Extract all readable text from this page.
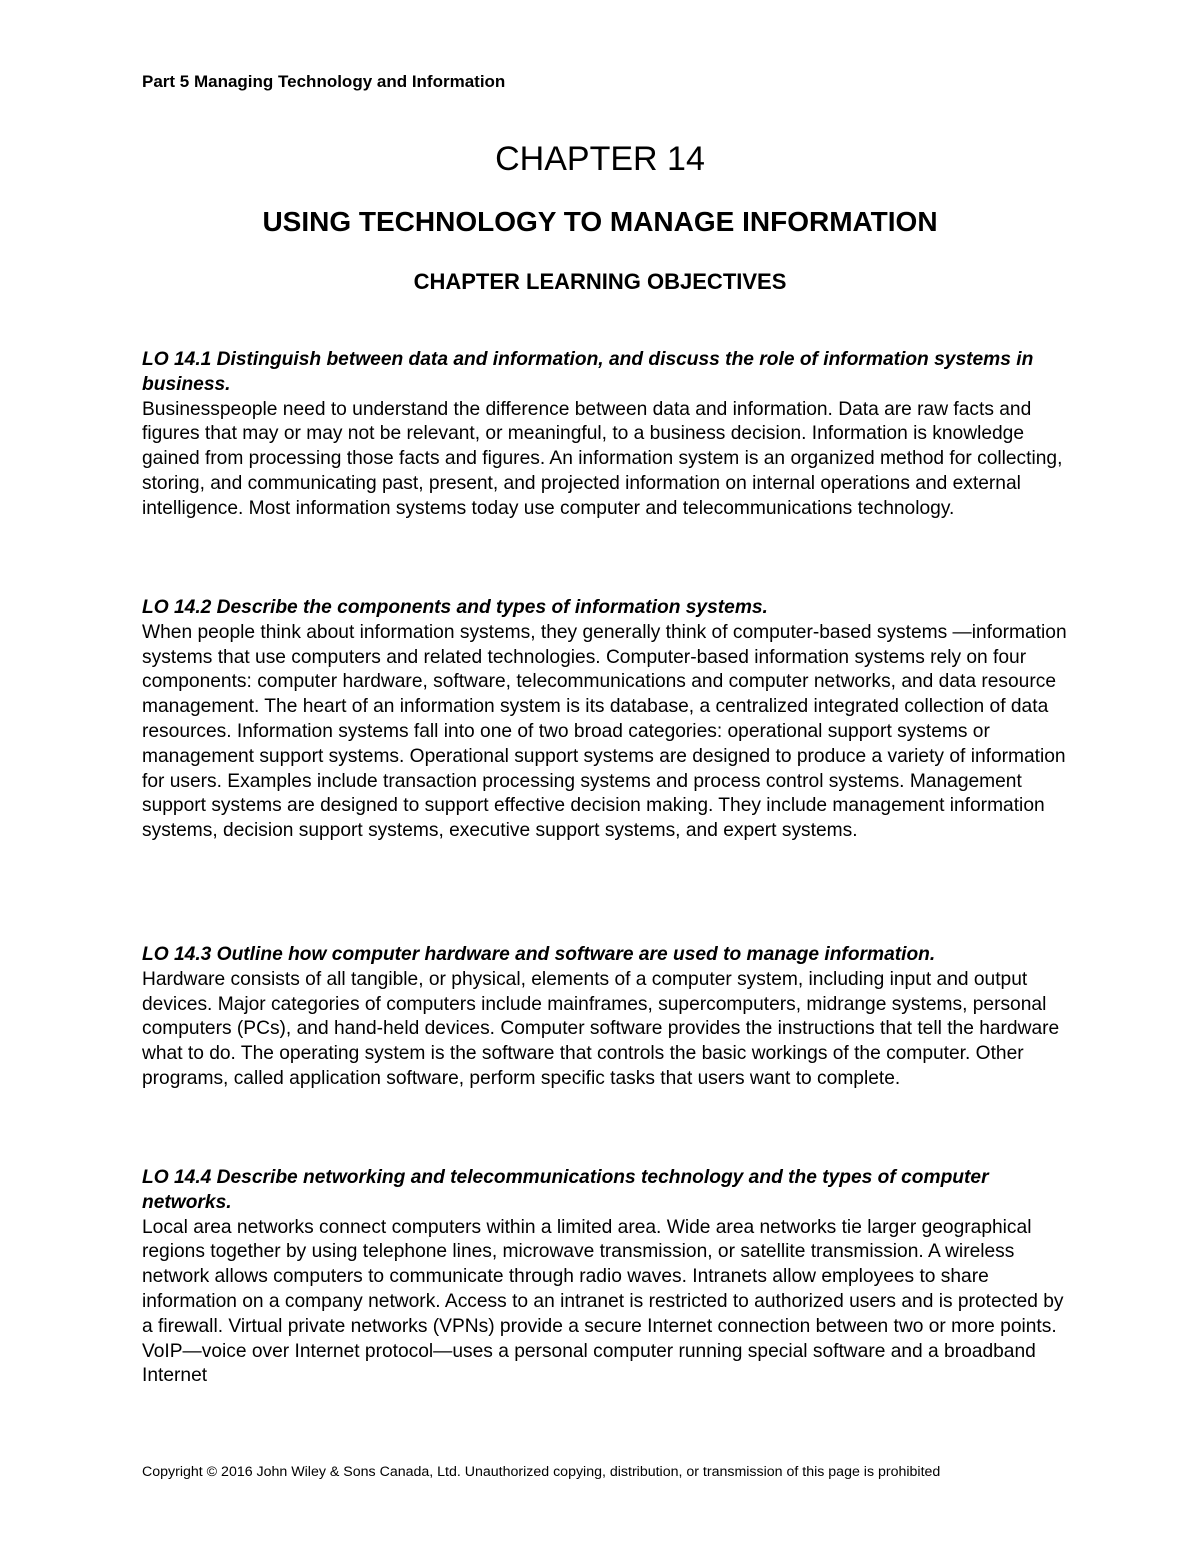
Part 5 Managing Technology and Information
CHAPTER 14
USING TECHNOLOGY TO MANAGE INFORMATION
CHAPTER LEARNING OBJECTIVES

LO 14.1 Distinguish between data and information, and discuss the role of information systems in business.

Businesspeople need to understand the difference between data and information. Data are raw facts and figures that may or may not be relevant, or meaningful, to a business decision. Information is knowledge gained from processing those facts and figures. An information system is an organized method for collecting, storing, and communicating past, present, and projected information on internal operations and external intelligence. Most information systems today use computer and telecommunications technology.

LO 14.2 Describe the components and types of information systems.

When people think about information systems, they generally think of computer-based systems —information systems that use computers and related technologies. Computer-based information systems rely on four components: computer hardware, software, telecommunications and computer networks, and data resource management. The heart of an information system is its database, a centralized integrated collection of data resources. Information systems fall into one of two broad categories: operational support systems or management support systems. Operational support systems are designed to produce a variety of information for users. Examples include transaction processing systems and process control systems. Management support systems are designed to support effective decision making. They include management information systems, decision support systems, executive support systems, and expert systems.

LO 14.3 Outline how computer hardware and software are used to manage information.

Hardware consists of all tangible, or physical, elements of a computer system, including input and output devices. Major categories of computers include mainframes, supercomputers, midrange systems, personal computers (PCs), and hand-held devices. Computer software provides the instructions that tell the hardware what to do. The operating system is the software that controls the basic workings of the computer. Other programs, called application software, perform specific tasks that users want to complete.

LO 14.4 Describe networking and telecommunications technology and the types of computer networks.

Local area networks connect computers within a limited area. Wide area networks tie larger geographical regions together by using telephone lines, microwave transmission, or satellite transmission. A wireless network allows computers to communicate through radio waves. Intranets allow employees to share information on a company network. Access to an intranet is restricted to authorized users and is protected by a firewall. Virtual private networks (VPNs) provide a secure Internet connection between two or more points. VoIP—voice over Internet protocol—uses a personal computer running special software and a broadband Internet

Copyright © 2016 John Wiley & Sons Canada, Ltd. Unauthorized copying, distribution, or transmission of this page is prohibited
